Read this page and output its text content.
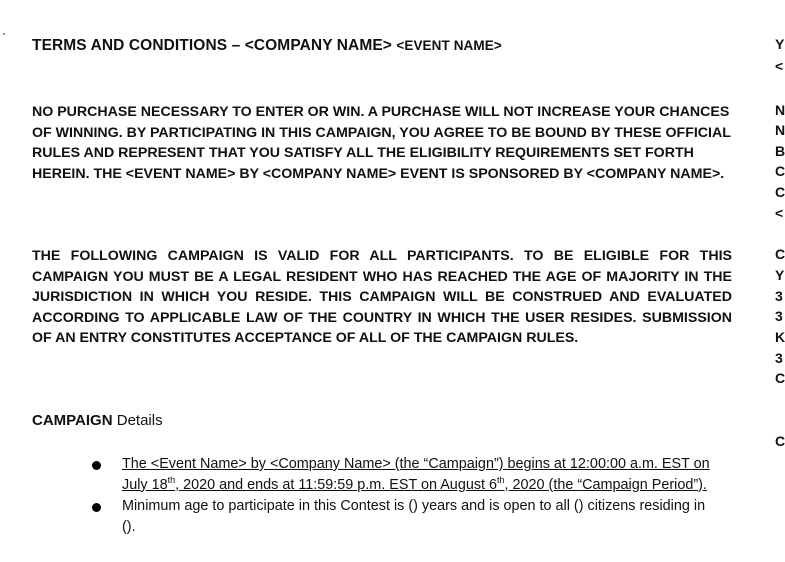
TERMS AND CONDITIONS – <COMPANY NAME> <EVENT NAME>
NO PURCHASE NECESSARY TO ENTER OR WIN. A PURCHASE WILL NOT INCREASE YOUR CHANCES OF WINNING. BY PARTICIPATING IN THIS CAMPAIGN, YOU AGREE TO BE BOUND BY THESE OFFICIAL RULES AND REPRESENT THAT YOU SATISFY ALL THE ELIGIBILITY REQUIREMENTS SET FORTH HEREIN. THE <EVENT NAME> BY <COMPANY NAME> EVENT IS SPONSORED BY <COMPANY NAME>.
THE FOLLOWING CAMPAIGN IS VALID FOR ALL PARTICIPANTS. TO BE ELIGIBLE FOR THIS CAMPAIGN YOU MUST BE A LEGAL RESIDENT WHO HAS REACHED THE AGE OF MAJORITY IN THE JURISDICTION IN WHICH YOU RESIDE. THIS CAMPAIGN WILL BE CONSTRUED AND EVALUATED ACCORDING TO APPLICABLE LAW OF THE COUNTRY IN WHICH THE USER RESIDES. SUBMISSION OF AN ENTRY CONSTITUTES ACCEPTANCE OF ALL OF THE CAMPAIGN RULES.
CAMPAIGN Details
The <Event Name> by <Company Name> (the “Campaign”) begins at 12:00:00 a.m. EST on July 18th, 2020 and ends at 11:59:59 p.m. EST on August 6th, 2020 (the “Campaign Period”).
Minimum age to participate in this Contest is () years and is open to all () citizens residing in ().
Y
<
N
N
B
C
C
<
C
Y
3
3
K
3
C
C
